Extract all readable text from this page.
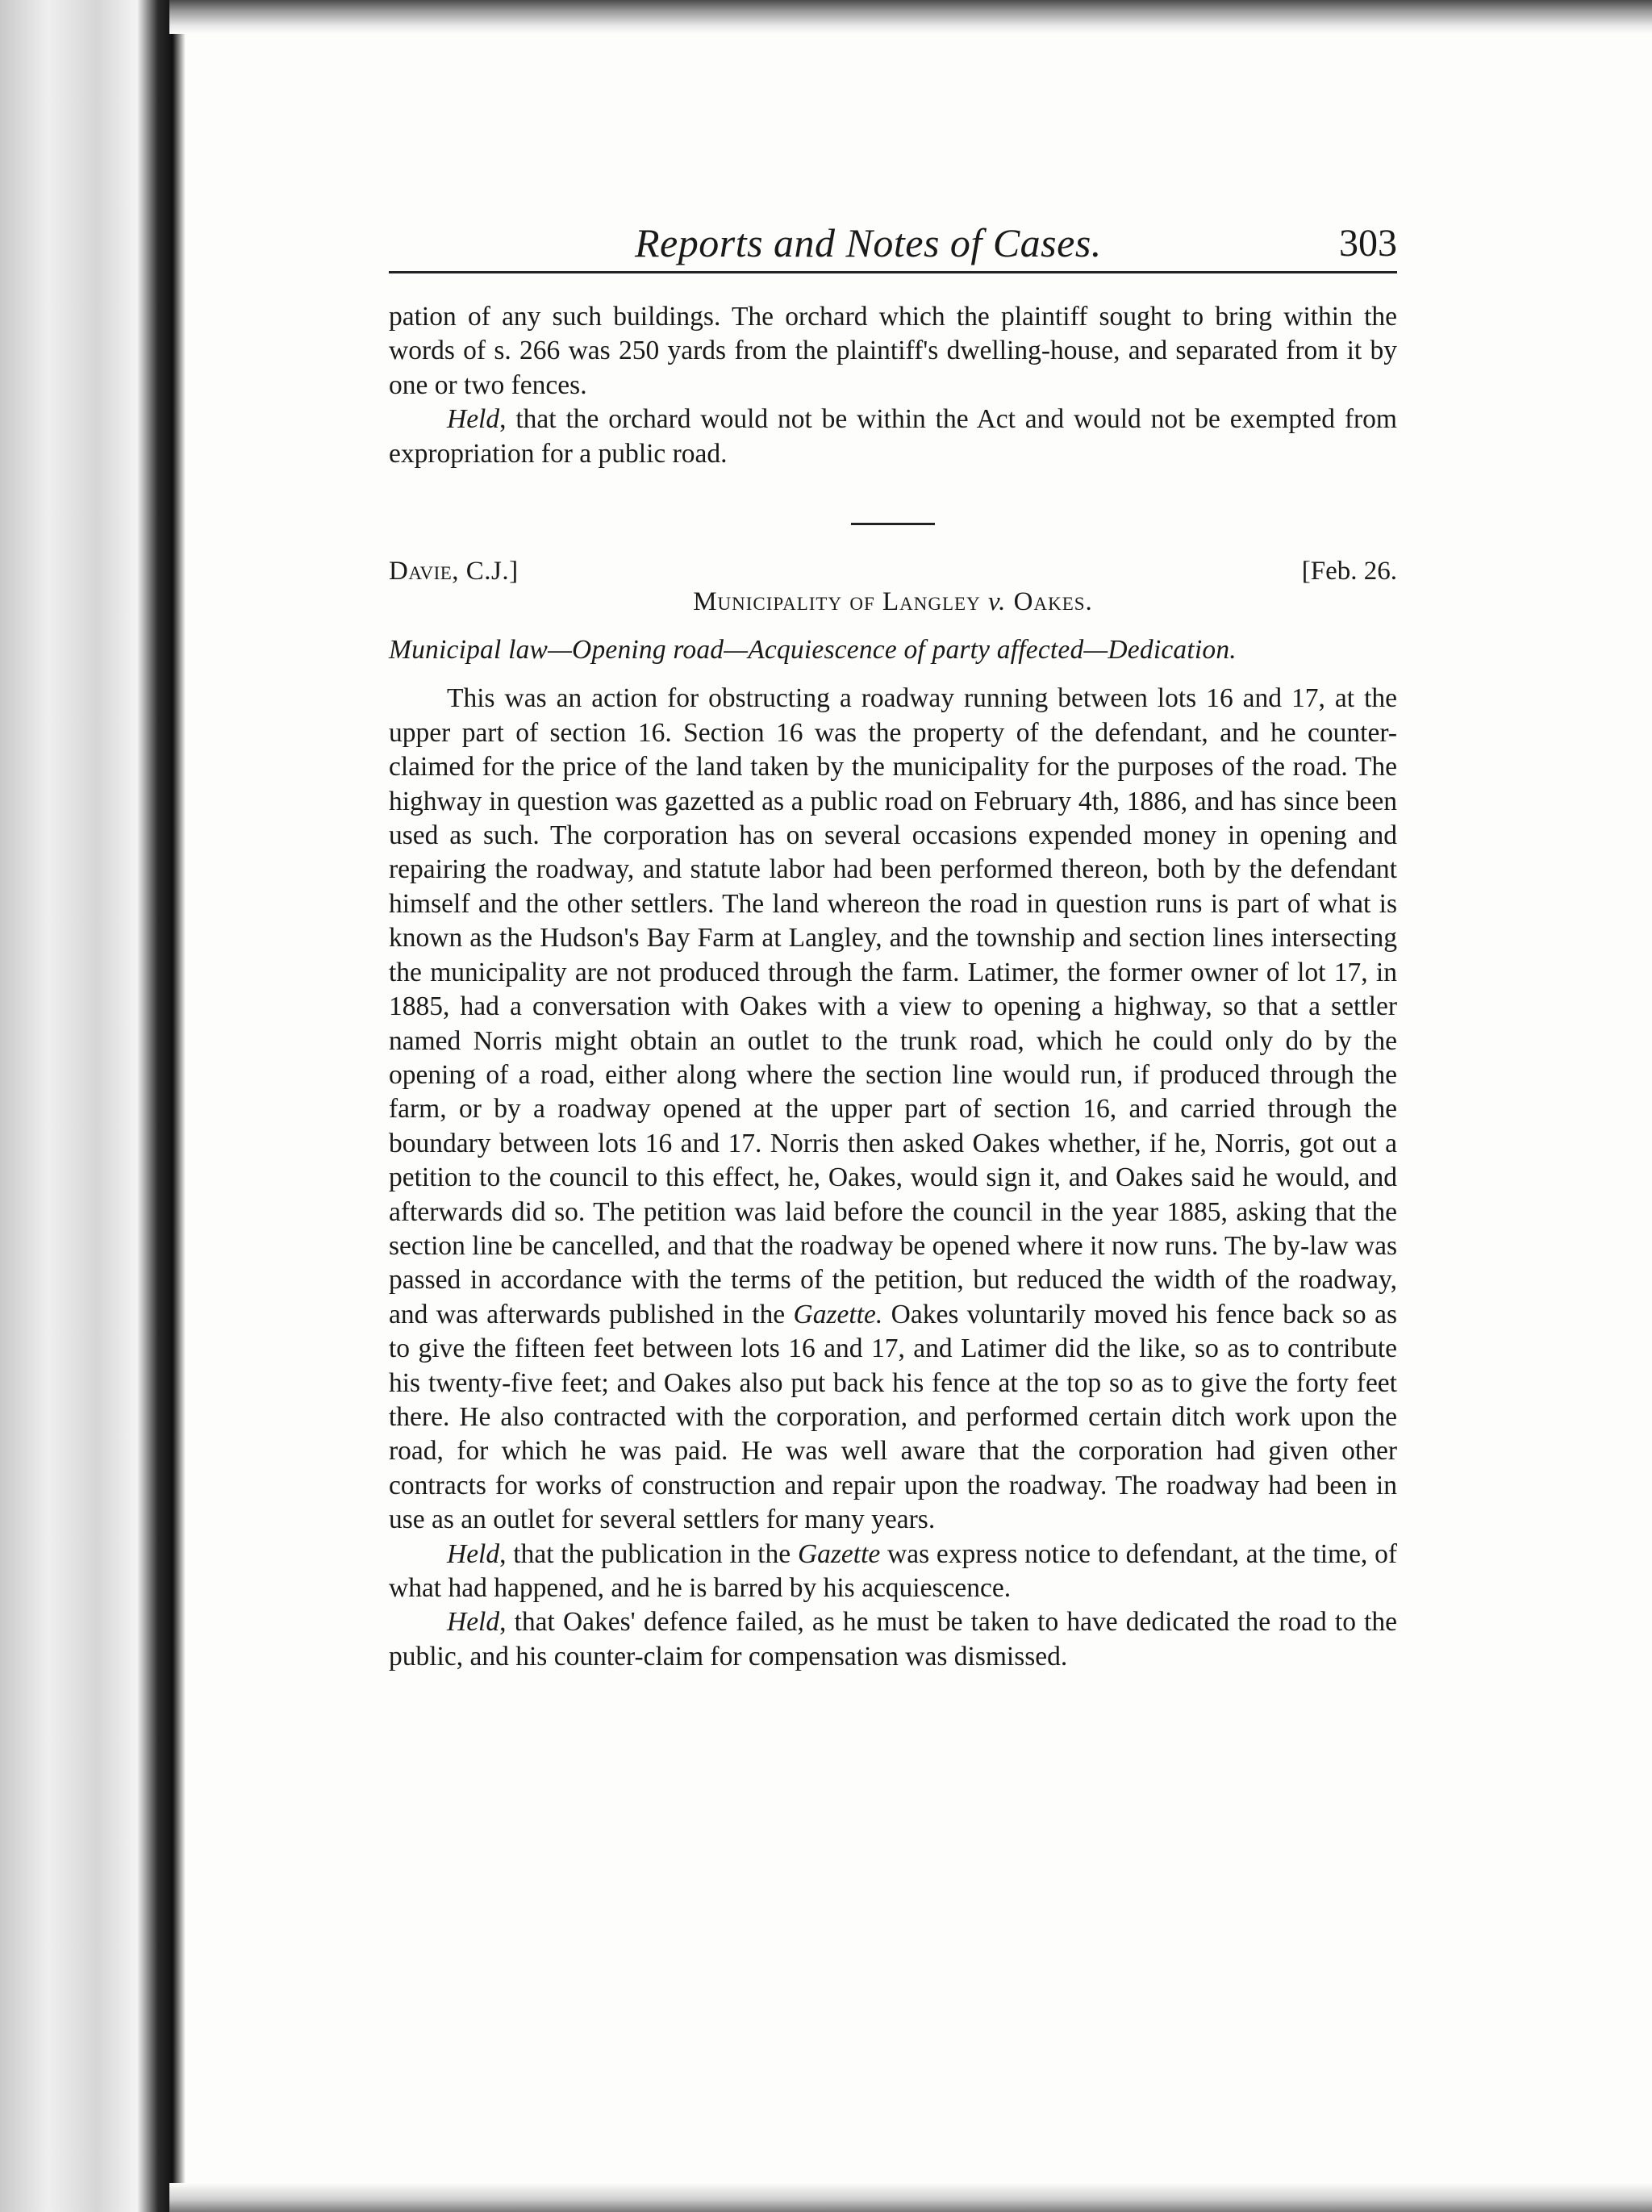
Reports and Notes of Cases.	303

pation of any such buildings. The orchard which the plaintiff sought to bring within the words of s. 266 was 250 yards from the plaintiff's dwelling-house, and separated from it by one or two fences.

Held, that the orchard would not be within the Act and would not be exempted from expropriation for a public road.

Davie, C.J.]	[Feb. 26.
Municipality of Langley v. Oakes.

Municipal law—Opening road—Acquiescence of party affected—Dedication.

This was an action for obstructing a roadway running between lots 16 and 17, at the upper part of section 16. Section 16 was the property of the defendant, and he counter-claimed for the price of the land taken by the municipality for the purposes of the road. The highway in question was gazetted as a public road on February 4th, 1886, and has since been used as such. The corporation has on several occasions expended money in opening and repairing the roadway, and statute labor had been performed thereon, both by the defendant himself and the other settlers. The land whereon the road in question runs is part of what is known as the Hudson's Bay Farm at Langley, and the township and section lines intersecting the municipality are not produced through the farm. Latimer, the former owner of lot 17, in 1885, had a conversation with Oakes with a view to opening a highway, so that a settler named Norris might obtain an outlet to the trunk road, which he could only do by the opening of a road, either along where the section line would run, if produced through the farm, or by a roadway opened at the upper part of section 16, and carried through the boundary between lots 16 and 17. Norris then asked Oakes whether, if he, Norris, got out a petition to the council to this effect, he, Oakes, would sign it, and Oakes said he would, and afterwards did so. The petition was laid before the council in the year 1885, asking that the section line be cancelled, and that the roadway be opened where it now runs. The by-law was passed in accordance with the terms of the petition, but reduced the width of the roadway, and was afterwards published in the Gazette. Oakes voluntarily moved his fence back so as to give the fifteen feet between lots 16 and 17, and Latimer did the like, so as to contribute his twenty-five feet; and Oakes also put back his fence at the top so as to give the forty feet there. He also contracted with the corporation, and performed certain ditch work upon the road, for which he was paid. He was well aware that the corporation had given other contracts for works of construction and repair upon the roadway. The roadway had been in use as an outlet for several settlers for many years.

Held, that the publication in the Gazette was express notice to defendant, at the time, of what had happened, and he is barred by his acquiescence.

Held, that Oakes' defence failed, as he must be taken to have dedicated the road to the public, and his counter-claim for compensation was dismissed.
